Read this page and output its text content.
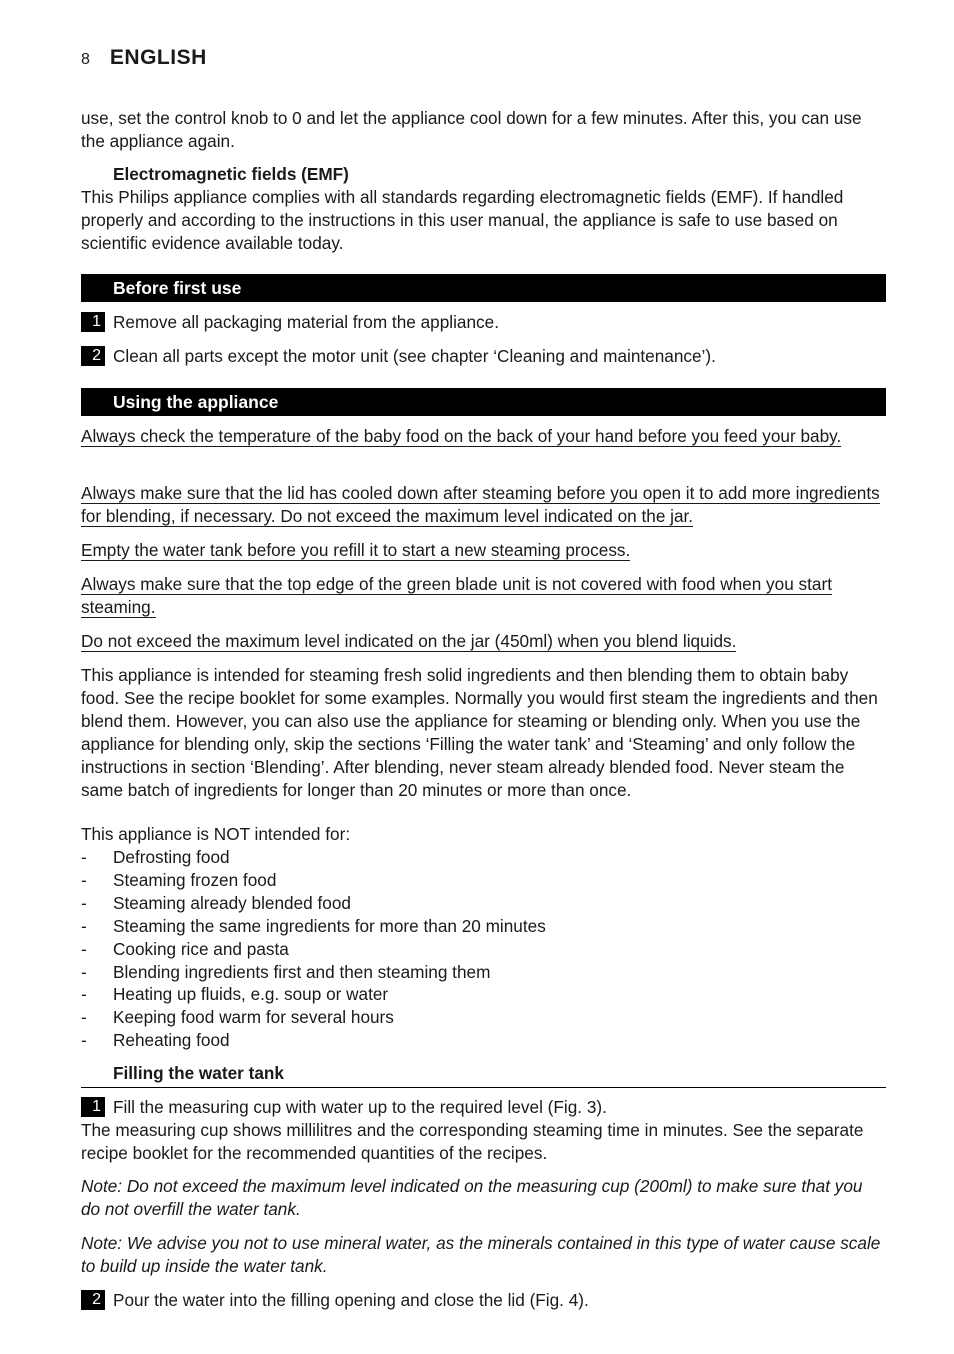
8 ENGLISH

use, set the control knob to 0 and let the appliance cool down for a few minutes. After this, you can use the appliance again.

Electromagnetic fields (EMF)

This Philips appliance complies with all standards regarding electromagnetic fields (EMF). If handled properly and according to the instructions in this user manual, the appliance is safe to use based on scientific evidence available today.

Before first use
1 Remove all packaging material from the appliance.
2 Clean all parts except the motor unit (see chapter ‘Cleaning and maintenance’).
Using the appliance

Always check the temperature of the baby food on the back of your hand before you feed your baby.

Always make sure that the lid has cooled down after steaming before you open it to add more ingredients for blending, if necessary. Do not exceed the maximum level indicated on the jar.

Empty the water tank before you refill it to start a new steaming process.

Always make sure that the top edge of the green blade unit is not covered with food when you start steaming.

Do not exceed the maximum level indicated on the jar (450ml) when you blend liquids.

This appliance is intended for steaming fresh solid ingredients and then blending them to obtain baby food. See the recipe booklet for some examples. Normally you would first steam the ingredients and then blend them. However, you can also use the appliance for steaming or blending only. When you use the appliance for blending only, skip the sections ‘Filling the water tank’ and ‘Steaming’ and only follow the instructions in section ‘Blending’. After blending, never steam already blended food. Never steam the same batch of ingredients for longer than 20 minutes or more than once.

This appliance is NOT intended for:

-	Defrosting food
-	Steaming frozen food
-	Steaming already blended food
-	Steaming the same ingredients for more than 20 minutes
-	Cooking rice and pasta
-	Blending ingredients first and then steaming them
-	Heating up fluids, e.g. soup or water
-	Keeping food warm for several hours
-	Reheating food

Filling the water tank

1 Fill the measuring cup with water up to the required level (Fig. 3).

The measuring cup shows millilitres and the corresponding steaming time in minutes. See the separate recipe booklet for the recommended quantities of the recipes.

Note: Do not exceed the maximum level indicated on the measuring cup (200ml) to make sure that you do not overfill the water tank.

Note: We advise you not to use mineral water, as the minerals contained in this type of water cause scale to build up inside the water tank.

2 Pour the water into the filling opening and close the lid (Fig. 4).
